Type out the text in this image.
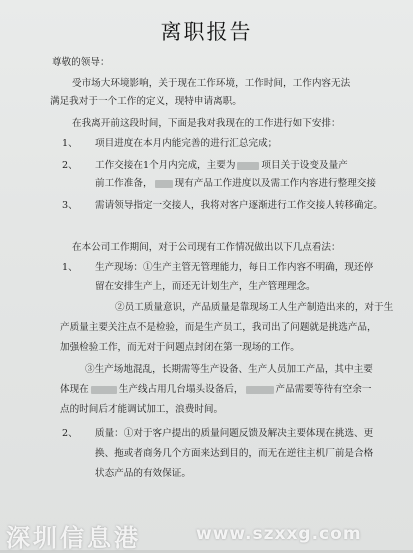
离职报告
尊敬的领导：
受市场大环境影响，关于现在工作环境，工作时间，工作内容无法
满足我对于一个工作的定义，现特申请离职。
在我离开前这段时间，下面是我对我现在的工作进行如下安排：
1、 项目进度在本月内能完善的进行汇总完成；
2、 工作交接在1个月内完成，主要为	项目关于设变及量产
前工作准备， 现有产品工作进度以及需工作内容进行整理交接
3、 需请领导指定一交接人，我将对客户逐渐进行工作交接人转移确定。
在本公司工作期间，对于公司现有工作情况做出以下几点看法：
1、 生产现场：①生产主管无管理能力，每日工作内容不明确，现还停
留在安排生产上，而还无计划生产，生产管理理念。
②员工质量意识，产品质量是靠现场工人生产制造出来的，对于生
产质量主要关注点不是检验，而是生产员工，我司出了问题就是挑选产品，
加强检验工作，而无对于问题点封闭在第一现场的工作。
③生产场地混乱，长期需等生产设备、生产人员加工产品，其中主要
体现在	生产线占用几台塌头设备后，	产品需要等待有空余一
点的时间后才能调试加工，浪费时间。
2、 质量：①对于客户提出的质量问题反馈及解决主要体现在挑选、更
换、拖或者商务几个方面来达到目的，而无在逆往主机厂前是合格
状态产品的有效保证。
深圳信息港	www.szxxg.com
